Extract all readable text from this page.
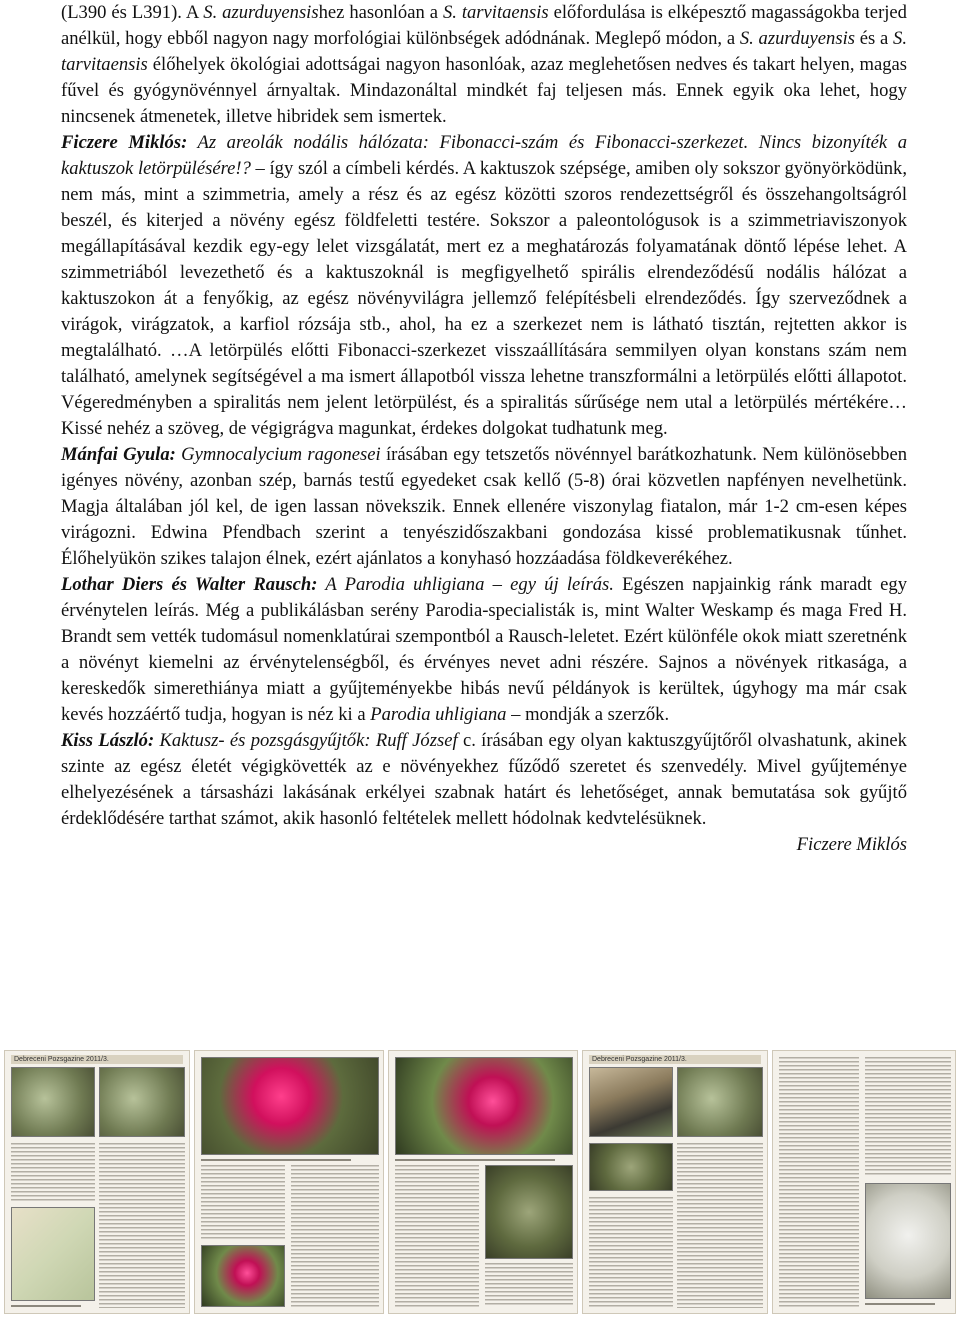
(L390 és L391). A S. azurduyensishez hasonlóan a S. tarvitaensis előfordulása is elképesztő magasságokba terjed anélkül, hogy ebből nagyon nagy morfológiai különbségek adódnának. Meglepő módon, a S. azurduyensis és a S. tarvitaensis élőhelyek ökológiai adottságai nagyon hasonlóak, azaz meglehetősen nedves és takart helyen, magas fűvel és gyógynövénnyel árnyaltak. Mindazonáltal mindkét faj teljesen más. Ennek egyik oka lehet, hogy nincsenek átmenetek, illetve hibridek sem ismertek.

Ficzere Miklós: Az areolák nodális hálózata: Fibonacci-szám és Fibonacci-szerkezet. Nincs bizonyíték a kaktuszok letörpülésére!? – így szól a címbeli kérdés. A kaktuszok szépsége, amiben oly sokszor gyönyörködünk, nem más, mint a szimmetria, amely a rész és az egész közötti szoros rendezettségről és összehangoltságról beszél, és kiterjed a növény egész földfeletti testére. Sokszor a paleontológusok is a szimmetriaviszonyok megállapításával kezdik egy-egy lelet vizsgálatát, mert ez a meghatározás folyamatának döntő lépése lehet. A szimmetriából levezethető és a kaktuszoknál is megfigyelhető spirális elrendeződésű nodális hálózat a kaktuszokon át a fenyőkig, az egész növényvilágra jellemző felépítésbeli elrendeződés. Így szerveződnek a virágok, virágzatok, a karfiol rózsája stb., ahol, ha ez a szerkezet nem is látható tisztán, rejtetten akkor is megtalálható. …A letörpülés előtti Fibonacci-szerkezet visszaállítására semmilyen olyan konstans szám nem található, amelynek segítségével a ma ismert állapotból vissza lehetne transzformálni a letörpülés előtti állapotot. Végeredményben a spiralitás nem jelent letörpülést, és a spiralitás sűrűsége nem utal a letörpülés mértékére… Kissé nehéz a szöveg, de végigrágva magunkat, érdekes dolgokat tudhatunk meg.

Mánfai Gyula: Gymnocalycium ragonesei írásában egy tetszetős növénnyel barátkozhatunk. Nem különösebben igényes növény, azonban szép, barnás testű egyedeket csak kellő (5-8) órai közvetlen napfényen nevelhetünk. Magja általában jól kel, de igen lassan növekszik. Ennek ellenére viszonylag fiatalon, már 1-2 cm-esen képes virágozni. Edwina Pfendbach szerint a tenyészidőszakbani gondozása kissé problematikusnak tűnhet. Élőhelyükön szikes talajon élnek, ezért ajánlatos a konyhasó hozzáadása földkeverékéhez.

Lothar Diers és Walter Rausch: A Parodia uhligiana – egy új leírás. Egészen napjainkig ránk maradt egy érvénytelen leírás. Még a publikálásban serény Parodia-specialisták is, mint Walter Weskamp és maga Fred H. Brandt sem vették tudomásul nomenklatúrai szempontból a Rausch-leletet. Ezért különféle okok miatt szeretnénk a növényt kiemelni az érvénytelenségből, és érvényes nevet adni részére. Sajnos a növények ritkasága, a kereskedők simerethiánya miatt a gyűjteményekbe hibás nevű példányok is kerültek, úgyhogy ma már csak kevés hozzáértő tudja, hogyan is néz ki a Parodia uhligiana – mondják a szerzők.

Kiss László: Kaktusz- és pozsgásgyűjtők: Ruff József c. írásában egy olyan kaktuszgyűjtőről olvashatunk, akinek szinte az egész életét végigkövették az e növényekhez fűződő szeretet és szenvedély. Mivel gyűjteménye elhelyezésének a társasházi lakásának erkélyei szabnak határt és lehetőséget, annak bemutatása sok gyűjtő érdeklődésére tarthat számot, akik hasonló feltételek mellett hódolnak kedvtelésüknek.

Ficzere Miklós

Debreceni Pozsgazine 2011/3.	Debreceni Pozsgazine 2011/3.
